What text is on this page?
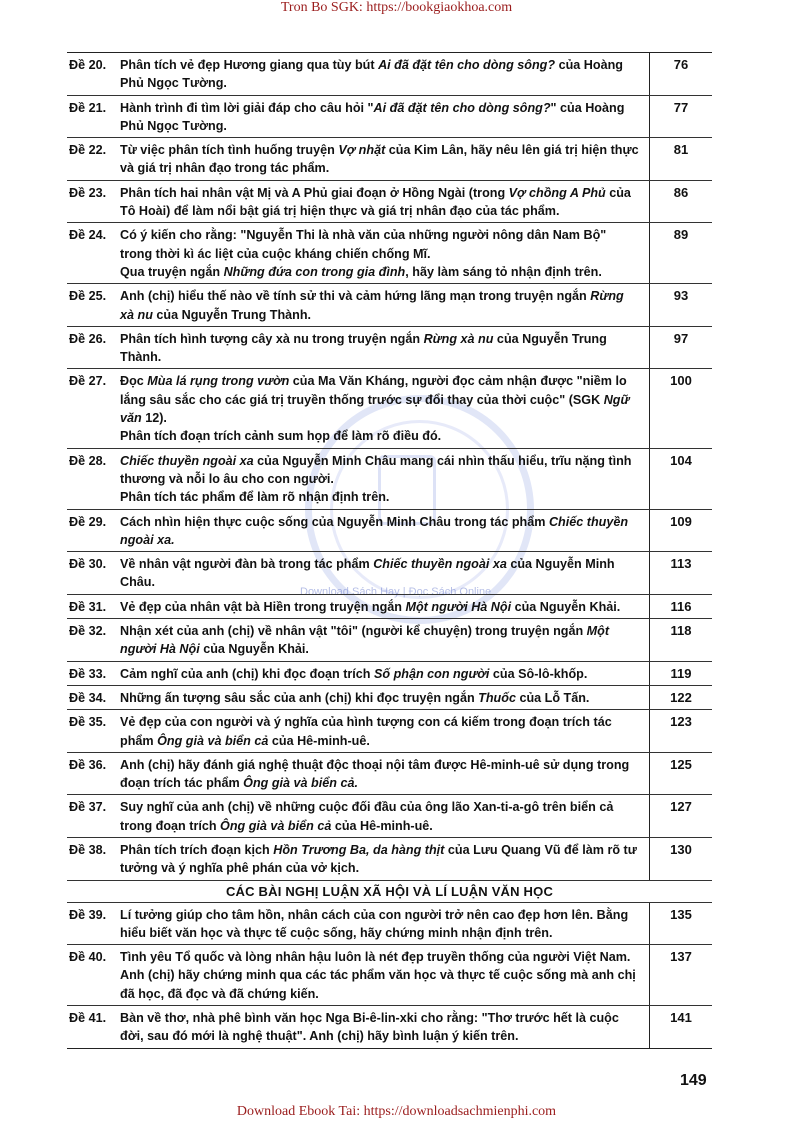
Tron Bo SGK: https://bookgiaokhoa.com
Download Sách Hay | Đọc Sách Online
Đề 20.	Phân tích vẻ đẹp Hương giang qua tùy bút Ai đã đặt tên cho dòng sông? của Hoàng Phủ Ngọc Tường.
76
Đề 21.	Hành trình đi tìm lời giải đáp cho câu hỏi "Ai đã đặt tên cho dòng sông?" của Hoàng Phủ Ngọc Tường.
77
Đề 22.	Từ việc phân tích tình huống truyện Vợ nhặt của Kim Lân, hãy nêu lên giá trị hiện thực và giá trị nhân đạo trong tác phẩm.
81
Đề 23.	Phân tích hai nhân vật Mị và A Phủ giai đoạn ở Hồng Ngài (trong Vợ chồng A Phủ của Tô Hoài) để làm nổi bật giá trị hiện thực và giá trị nhân đạo của tác phẩm.
86
Đề 24.	Có ý kiến cho rằng: "Nguyễn Thi là nhà văn của những người nông dân Nam Bộ" trong thời kì ác liệt của cuộc kháng chiến chống Mĩ.
Qua truyện ngắn Những đứa con trong gia đình, hãy làm sáng tỏ nhận định trên.
89
Đề 25.	Anh (chị) hiểu thế nào về tính sử thi và cảm hứng lãng mạn trong truyện ngắn Rừng xà nu của Nguyễn Trung Thành.
93
Đề 26.	Phân tích hình tượng cây xà nu trong truyện ngắn Rừng xà nu của Nguyễn Trung Thành.
97
Đề 27.	Đọc Mùa lá rụng trong vườn của Ma Văn Kháng, người đọc cảm nhận được "niềm lo lắng sâu sắc cho các giá trị truyền thống trước sự đổi thay của thời cuộc" (SGK Ngữ văn 12).
Phân tích đoạn trích cảnh sum họp để làm rõ điều đó.
100
Đề 28.	Chiếc thuyền ngoài xa của Nguyễn Minh Châu mang cái nhìn thấu hiểu, trĩu nặng tình thương và nỗi lo âu cho con người.
Phân tích tác phẩm để làm rõ nhận định trên.
104
Đề 29.	Cách nhìn hiện thực cuộc sống của Nguyễn Minh Châu trong tác phẩm Chiếc thuyền ngoài xa.
109
Đề 30.	Về nhân vật người đàn bà trong tác phẩm Chiếc thuyền ngoài xa của Nguyễn Minh Châu.
113
Đề 31.	Vẻ đẹp của nhân vật bà Hiền trong truyện ngắn Một người Hà Nội của Nguyễn Khải.	116
Đề 32.	Nhận xét của anh (chị) về nhân vật "tôi" (người kể chuyện) trong truyện ngắn Một người Hà Nội của Nguyễn Khải.
118
Đề 33.	Cảm nghĩ của anh (chị) khi đọc đoạn trích Số phận con người của Sô-lô-khốp.	119
Đề 34.	Những ấn tượng sâu sắc của anh (chị) khi đọc truyện ngắn Thuốc của Lỗ Tấn.	122
Đề 35.	Vẻ đẹp của con người và ý nghĩa của hình tượng con cá kiếm trong đoạn trích tác phẩm Ông già và biển cả của Hê-minh-uê.
123
Đề 36.	Anh (chị) hãy đánh giá nghệ thuật độc thoại nội tâm được Hê-minh-uê sử dụng trong đoạn trích tác phẩm Ông già và biển cả.
125
Đề 37.	Suy nghĩ của anh (chị) về những cuộc đối đầu của ông lão Xan-ti-a-gô trên biển cả trong đoạn trích Ông già và biển cả của Hê-minh-uê.
127
Đề 38.	Phân tích trích đoạn kịch Hồn Trương Ba, da hàng thịt của Lưu Quang Vũ để làm rõ tư tưởng và ý nghĩa phê phán của vở kịch.
130
CÁC BÀI NGHỊ LUẬN XÃ HỘI VÀ LÍ LUẬN VĂN HỌC
Đề 39.	Lí tưởng giúp cho tâm hồn, nhân cách của con người trở nên cao đẹp hơn lên. Bằng hiểu biết văn học và thực tế cuộc sống, hãy chứng minh nhận định trên.
135
Đề 40.	Tình yêu Tổ quốc và lòng nhân hậu luôn là nét đẹp truyền thống của người Việt Nam. Anh (chị) hãy chứng minh qua các tác phẩm văn học và thực tế cuộc sống mà anh chị đã học, đã đọc và đã chứng kiến.
137
Đề 41.	Bàn về thơ, nhà phê bình văn học Nga Bi-ê-lin-xki cho rằng: "Thơ trước hết là cuộc đời, sau đó mới là nghệ thuật". Anh (chị) hãy bình luận ý kiến trên.
141
149
Download Ebook Tai: https://downloadsachmienphi.com
